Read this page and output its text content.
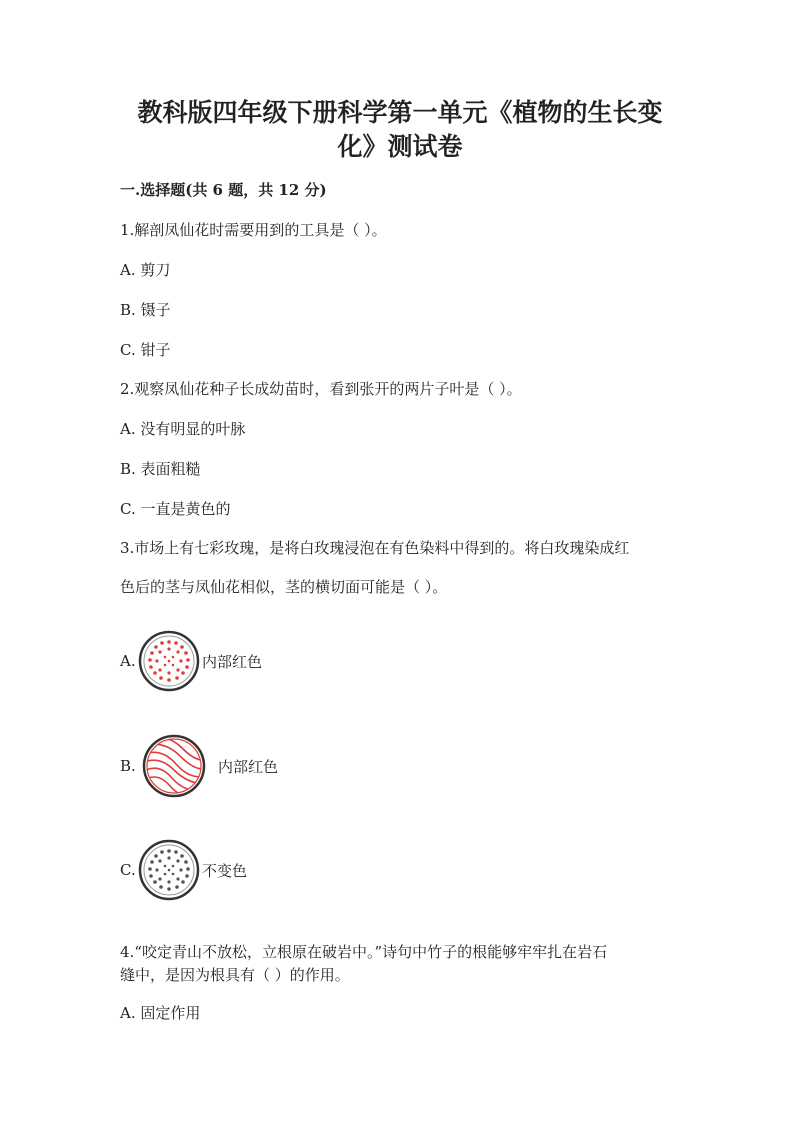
教科版四年级下册科学第一单元《植物的生长变
化》测试卷
一.选择题(共 6 题，共 12 分)
1.解剖凤仙花时需要用到的工具是（ ）。
A. 剪刀
B. 镊子
C. 钳子
2.观察凤仙花种子长成幼苗时，看到张开的两片子叶是（ ）。
A. 没有明显的叶脉
B. 表面粗糙
C. 一直是黄色的
3.市场上有七彩玫瑰，是将白玫瑰浸泡在有色染料中得到的。将白玫瑰染成红
色后的茎与凤仙花相似，茎的横切面可能是（ ）。
A.	内部红色
B.	内部红色
C.	不变色
4.“咬定青山不放松，立根原在破岩中。”诗句中竹子的根能够牢牢扎在岩石
缝中，是因为根具有（ ）的作用。
A. 固定作用
